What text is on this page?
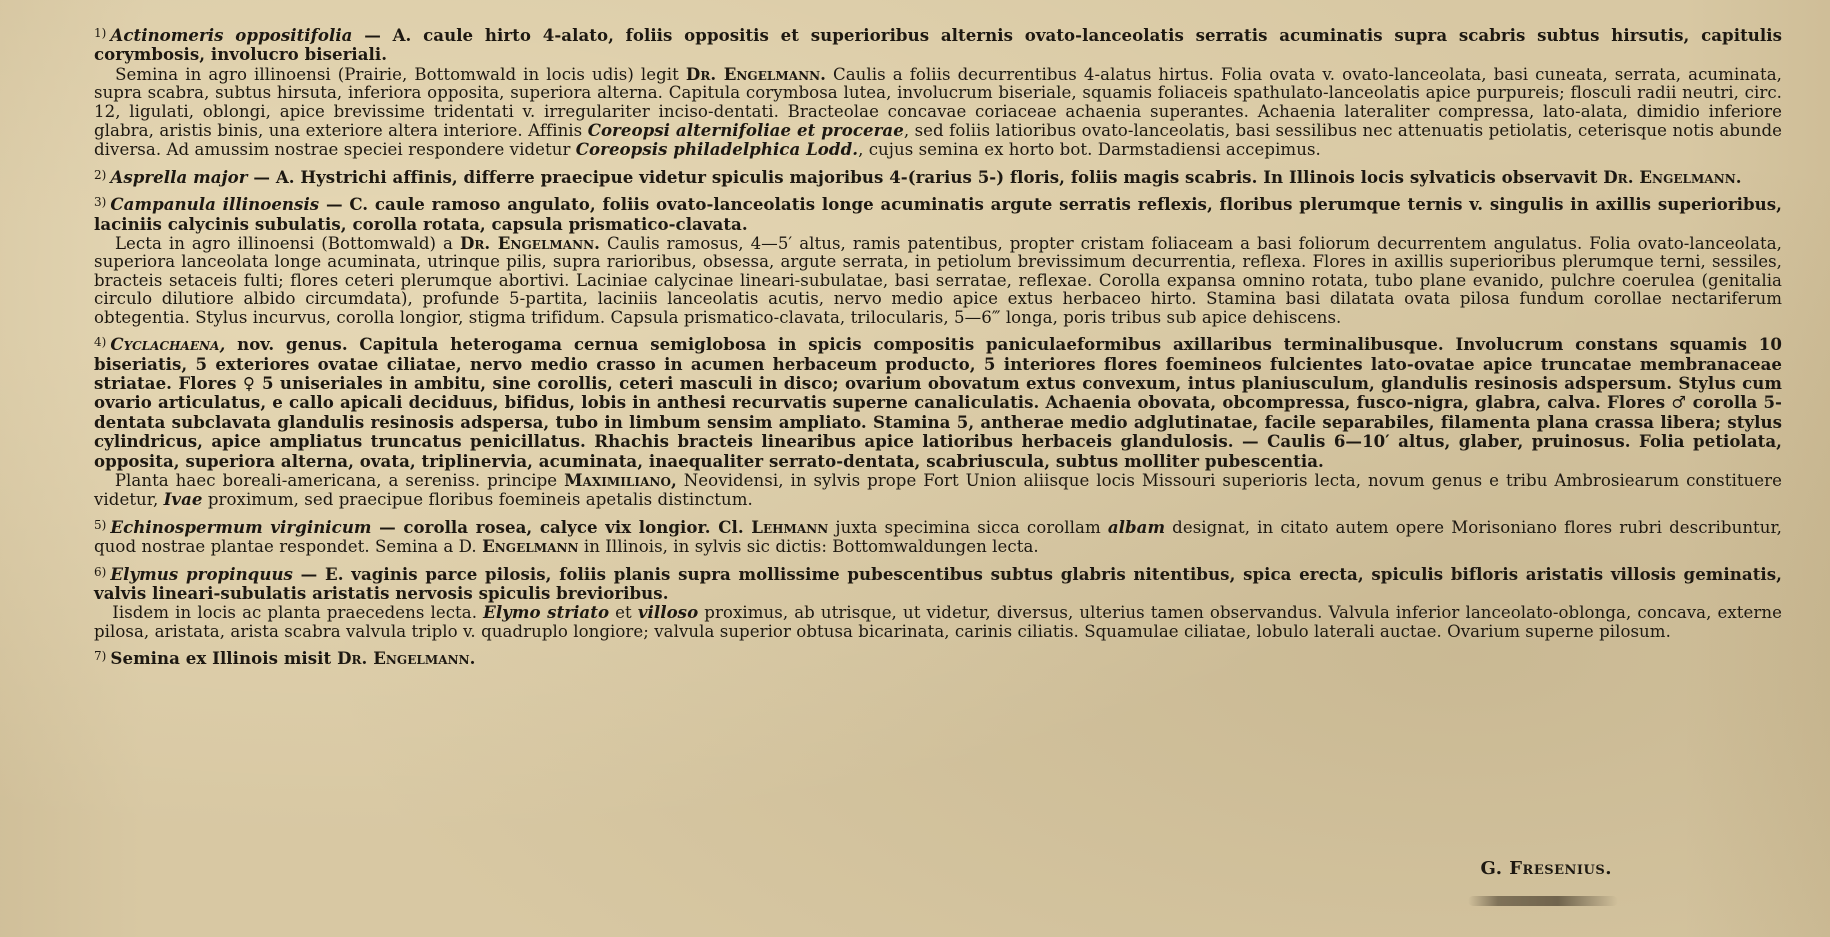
$^{1)}$ Actinomeris oppositifolia — A. caule hirto 4-alato, foliis oppositis et superioribus alternis ovato-lanceolatis serratis acuminatis supra scabris subtus hirsutis, capitulis corymbosis, involucro biseriali.

Semina in agro illinoensi (Prairie, Bottomwald in locis udis) legit Dr. Engelmann. Caulis a foliis decurrentibus 4-alatus hirtus. Folia ovata v. ovato-lanceolata, basi cuneata, serrata, acuminata, supra scabra, subtus hirsuta, inferiora opposita, superiora alterna. Capitula corymbosa lutea, involucrum biseriale, squamis foliaceis spathulato-lanceolatis apice purpureis; flosculi radii neutri, circ. 12, ligulati, oblongi, apice brevissime tridentati v. irregulariter inciso-dentati. Bracteolae concavae coriaceae achaenia superantes. Achaenia lateraliter compressa, lato-alata, dimidio inferiore glabra, aristis binis, una exteriore altera interiore. Affinis Coreopsi alternifoliae et procerae, sed foliis latioribus ovato-lanceolatis, basi sessilibus nec attenuatis petiolatis, ceterisque notis abunde diversa. Ad amussim nostrae speciei respondere videtur Coreopsis philadelphica Lodd., cujus semina ex horto bot. Darmstadiensi accepimus.

$^{2)}$ Asprella major — A. Hystrichi affinis, differre praecipue videtur spiculis majoribus 4-(rarius 5-) floris, foliis magis scabris. In Illinois locis sylvaticis observavit Dr. Engelmann.

$^{3)}$ Campanula illinoensis — C. caule ramoso angulato, foliis ovato-lanceolatis longe acuminatis argute serratis reflexis, floribus plerumque ternis v. singulis in axillis superioribus, laciniis calycinis subulatis, corolla rotata, capsula prismatico-clavata.

Lecta in agro illinoensi (Bottomwald) a Dr. Engelmann. Caulis ramosus, 4—5′ altus, ramis patentibus, propter cristam foliaceam a basi foliorum decurrentem angulatus. Folia ovato-lanceolata, superiora lanceolata longe acuminata, utrinque pilis, supra rarioribus, obsessa, argute serrata, in petiolum brevissimum decurrentia, reflexa. Flores in axillis superioribus plerumque terni, sessiles, bracteis setaceis fulti; flores ceteri plerumque abortivi. Laciniae calycinae lineari-subulatae, basi serratae, reflexae. Corolla expansa omnino rotata, tubo plane evanido, pulchre coerulea (genitalia circulo dilutiore albido circumdata), profunde 5-partita, laciniis lanceolatis acutis, nervo medio apice extus herbaceo hirto. Stamina basi dilatata ovata pilosa fundum corollae nectariferum obtegentia. Stylus incurvus, corolla longior, stigma trifidum. Capsula prismatico-clavata, trilocularis, 5—6‴ longa, poris tribus sub apice dehiscens.

$^{4)}$ Cyclachaena, nov. genus. Capitula heterogama cernua semiglobosa in spicis compositis paniculaeformibus axillaribus terminalibusque. Involucrum constans squamis 10 biseriatis, 5 exteriores ovatae ciliatae, nervo medio crasso in acumen herbaceum producto, 5 interiores flores foemineos fulcientes lato-ovatae apice truncatae membranaceae striatae. Flores ♀ 5 uniseriales in ambitu, sine corollis, ceteri masculi in disco; ovarium obovatum extus convexum, intus planiusculum, glandulis resinosis adspersum. Stylus cum ovario articulatus, e callo apicali deciduus, bifidus, lobis in anthesi recurvatis superne canaliculatis. Achaenia obovata, obcompressa, fusco-nigra, glabra, calva. Flores ♂ corolla 5-dentata subclavata glandulis resinosis adspersa, tubo in limbum sensim ampliato. Stamina 5, antherae medio adglutinatae, facile separabiles, filamenta plana crassa libera; stylus cylindricus, apice ampliatus truncatus penicillatus. Rhachis bracteis linearibus apice latioribus herbaceis glandulosis. — Caulis 6—10′ altus, glaber, pruinosus. Folia petiolata, opposita, superiora alterna, ovata, triplinervia, acuminata, inaequaliter serrato-dentata, scabriuscula, subtus molliter pubescentia.

Planta haec boreali-americana, a sereniss. principe Maximiliano, Neovidensi, in sylvis prope Fort Union aliisque locis Missouri superioris lecta, novum genus e tribu Ambrosiearum constituere videtur, Ivae proximum, sed praecipue floribus foemineis apetalis distinctum.

$^{5)}$ Echinospermum virginicum — corolla rosea, calyce vix longior. Cl. Lehmann juxta specimina sicca corollam albam designat, in citato autem opere Morisoniano flores rubri describuntur, quod nostrae plantae respondet. Semina a D. Engelmann in Illinois, in sylvis sic dictis: Bottomwaldungen lecta.

$^{6)}$ Elymus propinquus — E. vaginis parce pilosis, foliis planis supra mollissime pubescentibus subtus glabris nitentibus, spica erecta, spiculis bifloris aristatis villosis geminatis, valvis lineari-subulatis aristatis nervosis spiculis brevioribus.

Iisdem in locis ac planta praecedens lecta. Elymo striato et villoso proximus, ab utrisque, ut videtur, diversus, ulterius tamen observandus. Valvula inferior lanceolato-oblonga, concava, externe pilosa, aristata, arista scabra valvula triplo v. quadruplo longiore; valvula superior obtusa bicarinata, carinis ciliatis. Squamulae ciliatae, lobulo laterali auctae. Ovarium superne pilosum.

$^{7)}$ Semina ex Illinois misit Dr. Engelmann.

G. Fresenius.
